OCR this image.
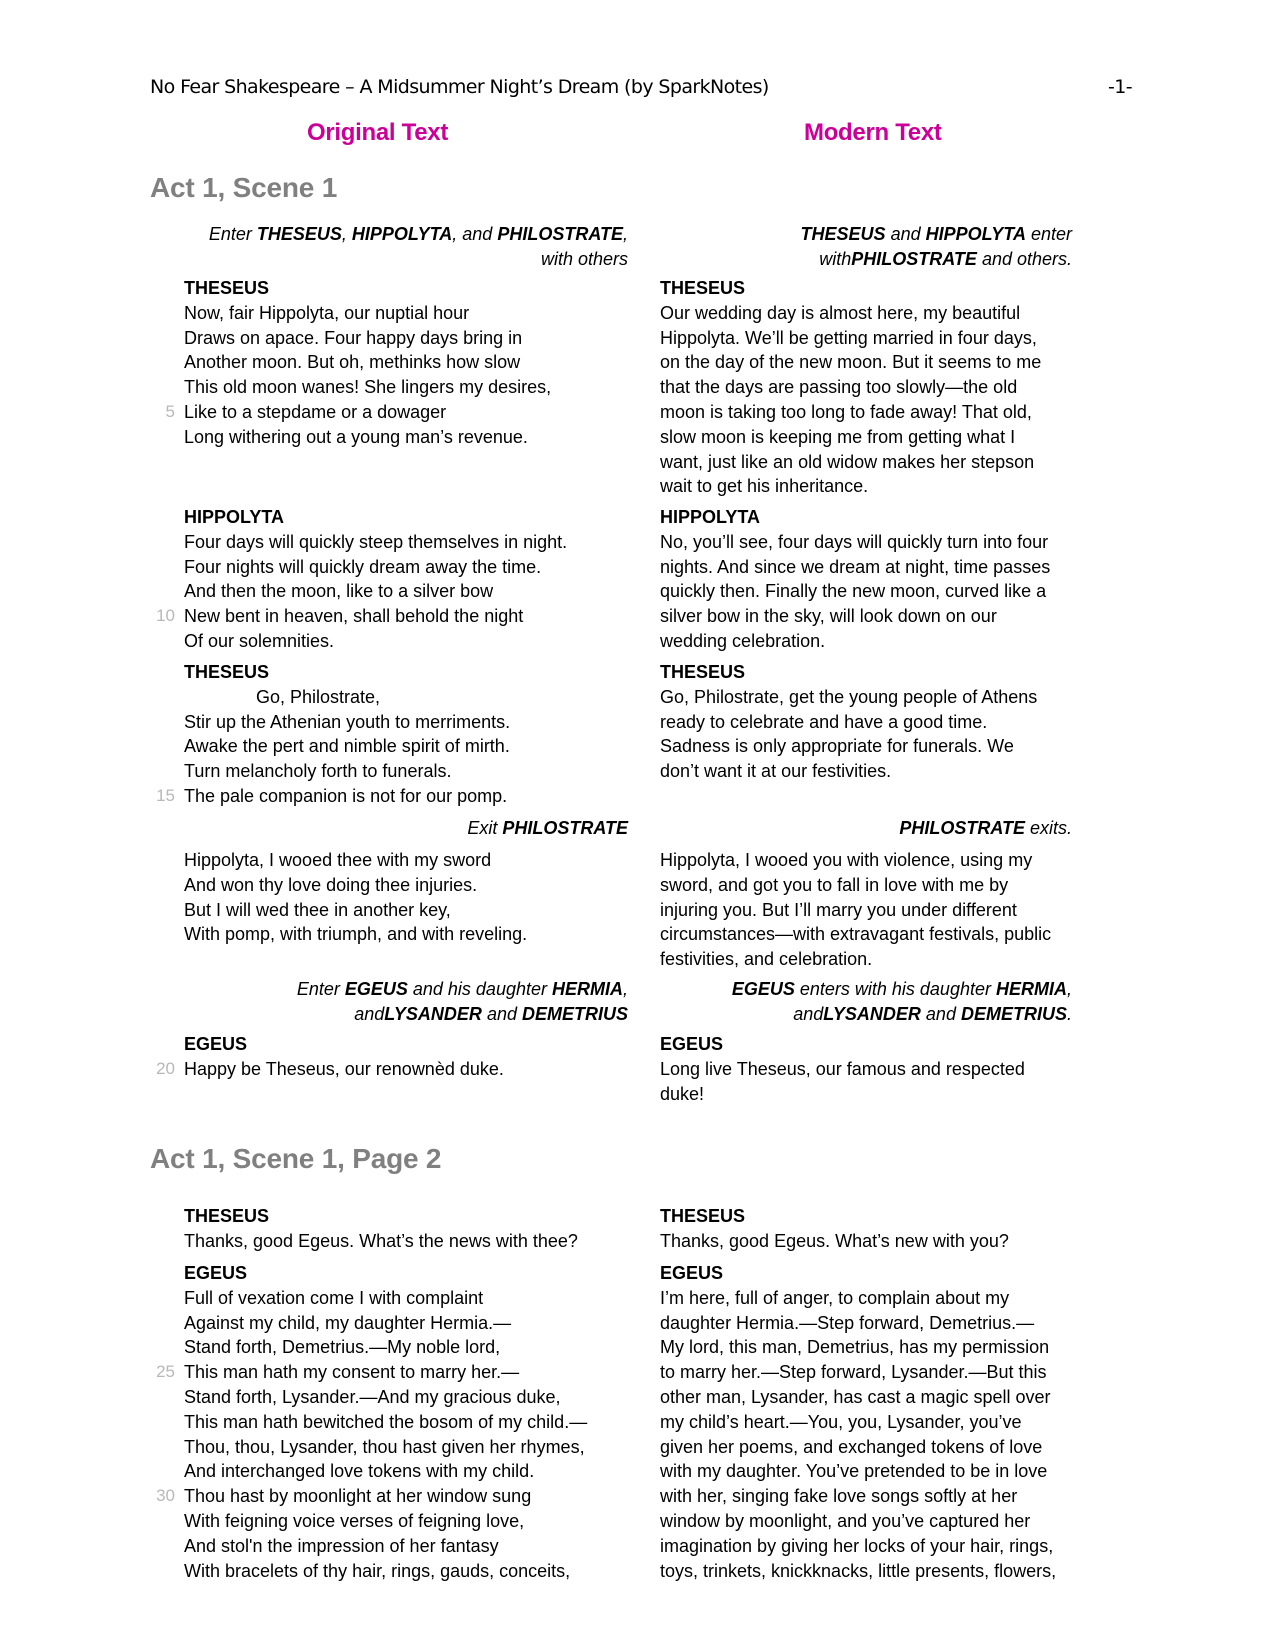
No Fear Shakespeare – A Midsummer Night’s Dream (by SparkNotes)	-1-
Original Text	Modern Text
Act 1, Scene 1
Act 1, Scene 1, Page 2
Enter THESEUS, HIPPOLYTA, and PHILOSTRATE,
with others
THESEUS
Now, fair Hippolyta, our nuptial hour
Draws on apace. Four happy days bring in
Another moon. But oh, methinks how slow
This old moon wanes! She lingers my desires,
5 Like to a stepdame or a dowager
Long withering out a young man’s revenue.
HIPPOLYTA
Four days will quickly steep themselves in night.
Four nights will quickly dream away the time.
And then the moon, like to a silver bow
10 New bent in heaven, shall behold the night
Of our solemnities.
THESEUS
Go, Philostrate,
Stir up the Athenian youth to merriments.
Awake the pert and nimble spirit of mirth.
Turn melancholy forth to funerals.
15 The pale companion is not for our pomp.
Exit PHILOSTRATE
Hippolyta, I wooed thee with my sword
And won thy love doing thee injuries.
But I will wed thee in another key,
With pomp, with triumph, and with reveling.
Enter EGEUS and his daughter HERMIA,
andLYSANDER and DEMETRIUS
EGEUS
20 Happy be Theseus, our renownèd duke.
THESEUS
Thanks, good Egeus. What’s the news with thee?
EGEUS
Full of vexation come I with complaint
Against my child, my daughter Hermia.—
Stand forth, Demetrius.—My noble lord,
25 This man hath my consent to marry her.—
Stand forth, Lysander.—And my gracious duke,
This man hath bewitched the bosom of my child.—
Thou, thou, Lysander, thou hast given her rhymes,
And interchanged love tokens with my child.
30 Thou hast by moonlight at her window sung
With feigning voice verses of feigning love,
And stol'n the impression of her fantasy
With bracelets of thy hair, rings, gauds, conceits,
THESEUS and HIPPOLYTA enter
withPHILOSTRATE and others.
THESEUS
Our wedding day is almost here, my beautiful
Hippolyta. We’ll be getting married in four days,
on the day of the new moon. But it seems to me
that the days are passing too slowly—the old
moon is taking too long to fade away! That old,
slow moon is keeping me from getting what I
want, just like an old widow makes her stepson
wait to get his inheritance.
HIPPOLYTA
No, you’ll see, four days will quickly turn into four
nights. And since we dream at night, time passes
quickly then. Finally the new moon, curved like a
silver bow in the sky, will look down on our
wedding celebration.
THESEUS
Go, Philostrate, get the young people of Athens
ready to celebrate and have a good time.
Sadness is only appropriate for funerals. We
don’t want it at our festivities.
PHILOSTRATE exits.
Hippolyta, I wooed you with violence, using my
sword, and got you to fall in love with me by
injuring you. But I’ll marry you under different
circumstances—with extravagant festivals, public
festivities, and celebration.
EGEUS enters with his daughter HERMIA,
andLYSANDER and DEMETRIUS.
EGEUS
Long live Theseus, our famous and respected
duke!
THESEUS
Thanks, good Egeus. What’s new with you?
EGEUS
I’m here, full of anger, to complain about my
daughter Hermia.—Step forward, Demetrius.—
My lord, this man, Demetrius, has my permission
to marry her.—Step forward, Lysander.—But this
other man, Lysander, has cast a magic spell over
my child’s heart.—You, you, Lysander, you’ve
given her poems, and exchanged tokens of love
with my daughter. You’ve pretended to be in love
with her, singing fake love songs softly at her
window by moonlight, and you’ve captured her
imagination by giving her locks of your hair, rings,
toys, trinkets, knickknacks, little presents, flowers,
